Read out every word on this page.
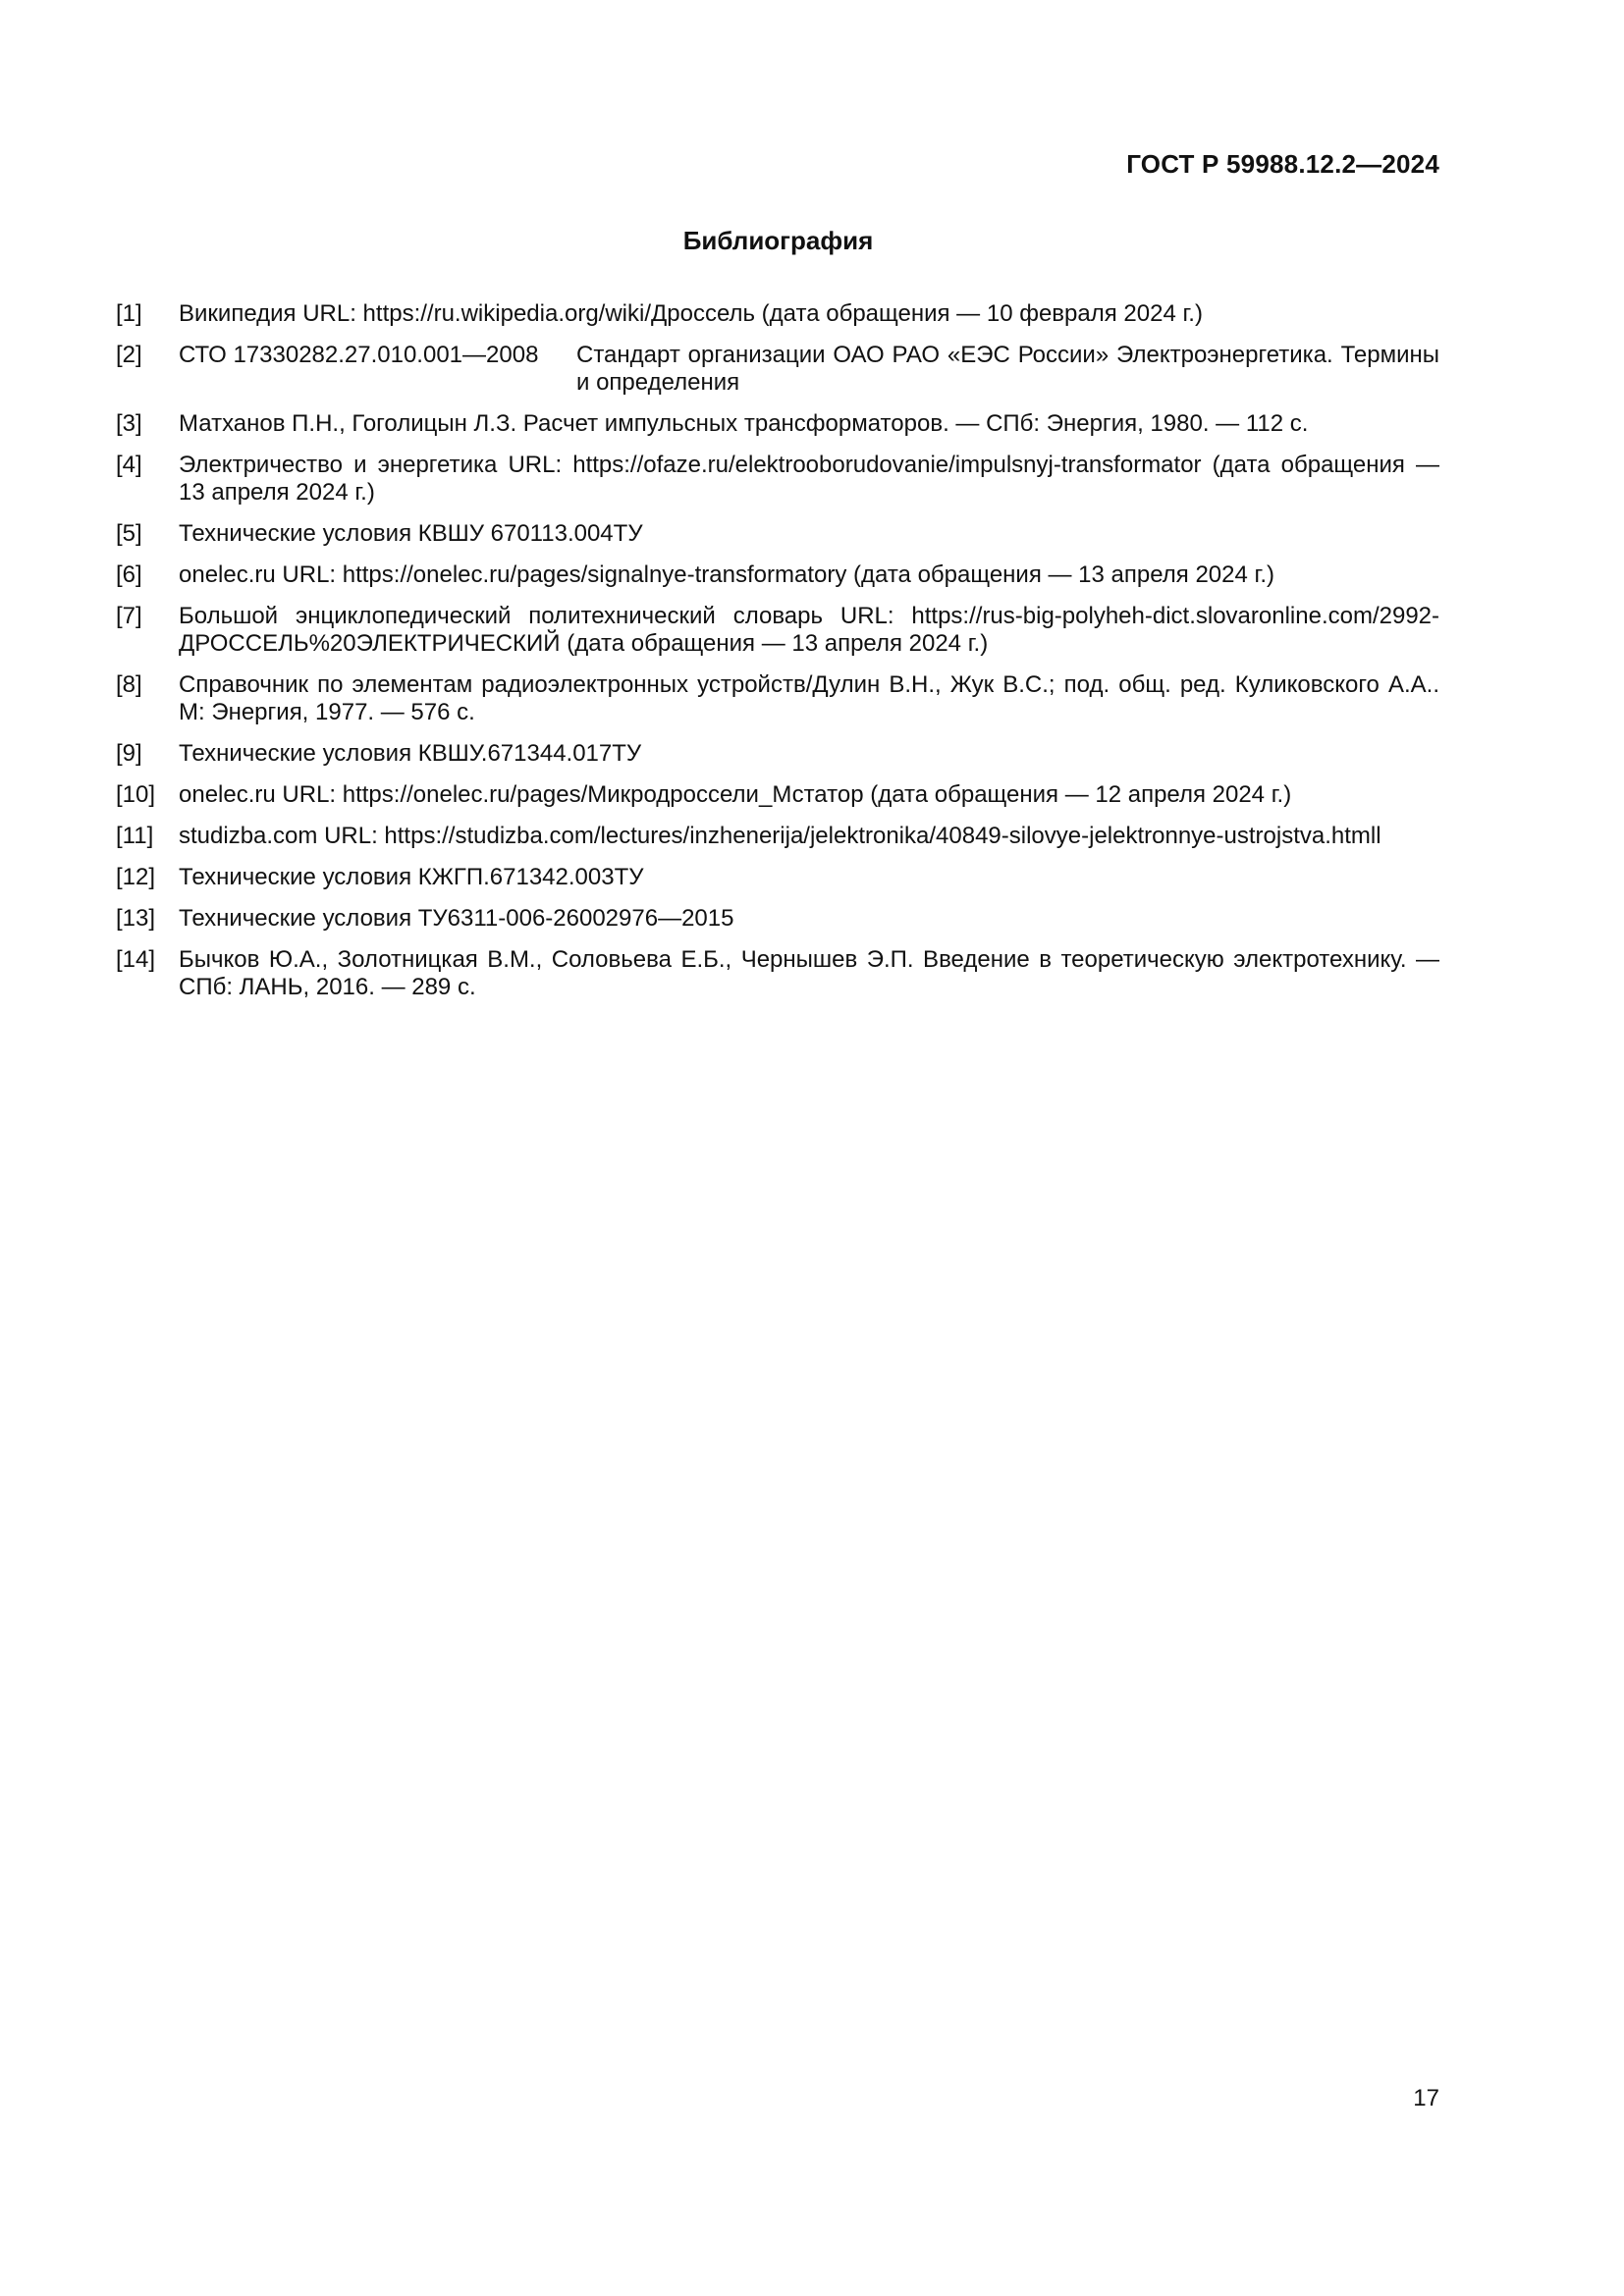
ГОСТ Р 59988.12.2—2024

Библиография
[1]	Википедия URL: https://ru.wikipedia.org/wiki/Дроссель (дата обращения — 10 февраля 2024 г.)
[2]	СТО 17330282.27.010.001—2008	Стандарт организации ОАО РАО «ЕЭС России» Электроэнергетика. Термины и определения
[3]	Матханов П.Н., Гоголицын Л.З. Расчет импульсных трансформаторов. — СПб: Энергия, 1980. — 112 с.
[4]	Электричество и энергетика URL: https://ofaze.ru/elektrooborudovanie/impulsnyj-transformator (дата обращения — 13 апреля 2024 г.)
[5]	Технические условия КВШУ 670113.004ТУ
[6]	onelec.ru URL: https://onelec.ru/pages/signalnye-transformatory (дата обращения — 13 апреля 2024 г.)
[7]	Большой энциклопедический политехнический словарь URL: https://rus-big-polyheh-dict.slovaronline.com/2992-ДРОССЕЛЬ%20ЭЛЕКТРИЧЕСКИЙ (дата обращения — 13 апреля 2024 г.)
[8]	Справочник по элементам радиоэлектронных устройств/Дулин В.Н., Жук В.С.; под. общ. ред. Куликовского А.А.. М: Энергия, 1977. — 576 с.
[9]	Технические условия КВШУ.671344.017ТУ
[10] onelec.ru URL: https://onelec.ru/pages/Микродроссели_Мстатор (дата обращения — 12 апреля 2024 г.)
[11]	studizba.com URL: https://studizba.com/lectures/inzhenerija/jelektronika/40849-silovye-jelektronnye-ustrojstva.htmll
[12] Технические условия КЖГП.671342.003ТУ
[13] Технические условия ТУ6311-006-26002976—2015
[14] Бычков Ю.А., Золотницкая В.М., Соловьева Е.Б., Чернышев Э.П. Введение в теоретическую электротехнику. — СПб: ЛАНЬ, 2016. — 289 с.

17
